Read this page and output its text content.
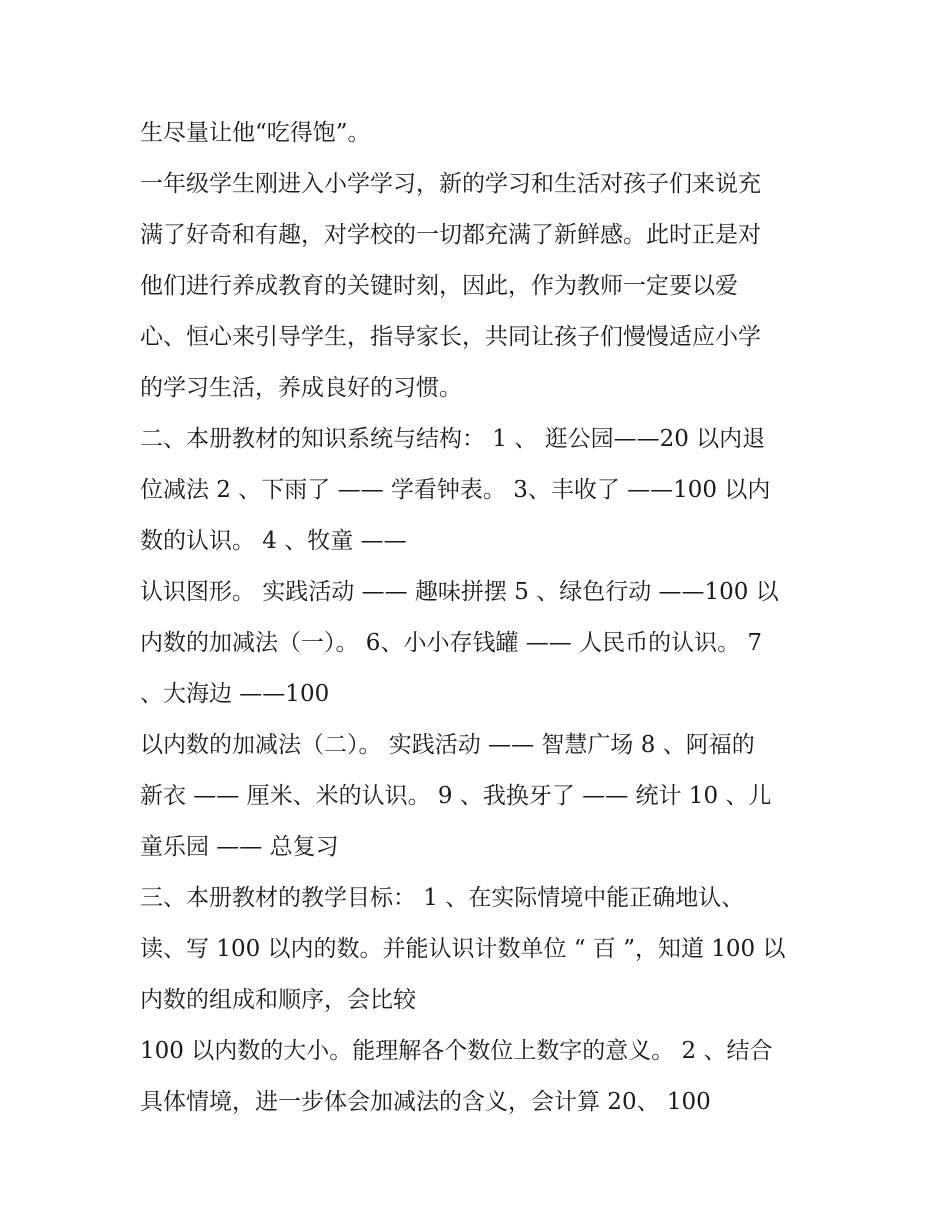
生尽量让他“吃得饱”。
一年级学生刚进入小学学习，新的学习和生活对孩子们来说充
满了好奇和有趣，对学校的一切都充满了新鲜感。此时正是对
他们进行养成教育的关键时刻，因此，作为教师一定要以爱
心、恒心来引导学生，指导家长，共同让孩子们慢慢适应小学
的学习生活，养成良好的习惯。
二、本册教材的知识系统与结构： 1 、 逛公园——20 以内退
位减法 2 、下雨了 —— 学看钟表。 3、丰收了 ——100 以内
数的认识。 4 、牧童 ——
认识图形。 实践活动 —— 趣味拼摆 5 、绿色行动 ——100 以
内数的加减法（一）。 6、小小存钱罐 —— 人民币的认识。 7
、大海边 ——100
以内数的加减法（二）。 实践活动 —— 智慧广场 8 、阿福的
新衣 —— 厘米、米的认识。 9 、我换牙了 —— 统计 10 、儿
童乐园 —— 总复习
三、本册教材的教学目标： 1 、在实际情境中能正确地认、
读、写 100 以内的数。并能认识计数单位 “ 百 ”，知道 100 以
内数的组成和顺序，会比较
100 以内数的大小。能理解各个数位上数字的意义。 2 、结合
具体情境，进一步体会加减法的含义，会计算 20、 100
